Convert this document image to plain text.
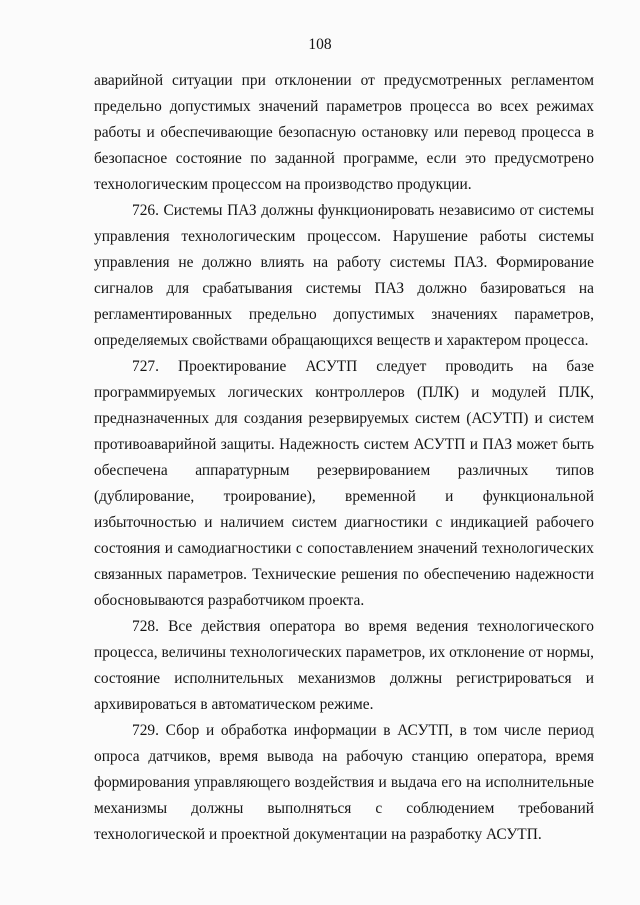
108

аварийной ситуации при отклонении от предусмотренных регламентом предельно допустимых значений параметров процесса во всех режимах работы и обеспечивающие безопасную остановку или перевод процесса в безопасное состояние по заданной программе, если это предусмотрено технологическим процессом на производство продукции.

726. Системы ПАЗ должны функционировать независимо от системы управления технологическим процессом. Нарушение работы системы управления не должно влиять на работу системы ПАЗ. Формирование сигналов для срабатывания системы ПАЗ должно базироваться на регламентированных предельно допустимых значениях параметров, определяемых свойствами обращающихся веществ и характером процесса.

727. Проектирование АСУТП следует проводить на базе программируемых логических контроллеров (ПЛК) и модулей ПЛК, предназначенных для создания резервируемых систем (АСУТП) и систем противоаварийной защиты. Надежность систем АСУТП и ПАЗ может быть обеспечена аппаратурным резервированием различных типов (дублирование, троирование), временной и функциональной избыточностью и наличием систем диагностики с индикацией рабочего состояния и самодиагностики с сопоставлением значений технологических связанных параметров. Технические решения по обеспечению надежности обосновываются разработчиком проекта.

728. Все действия оператора во время ведения технологического процесса, величины технологических параметров, их отклонение от нормы, состояние исполнительных механизмов должны регистрироваться и архивироваться в автоматическом режиме.

729. Сбор и обработка информации в АСУТП, в том числе период опроса датчиков, время вывода на рабочую станцию оператора, время формирования управляющего воздействия и выдача его на исполнительные механизмы должны выполняться с соблюдением требований технологической и проектной документации на разработку АСУТП.
